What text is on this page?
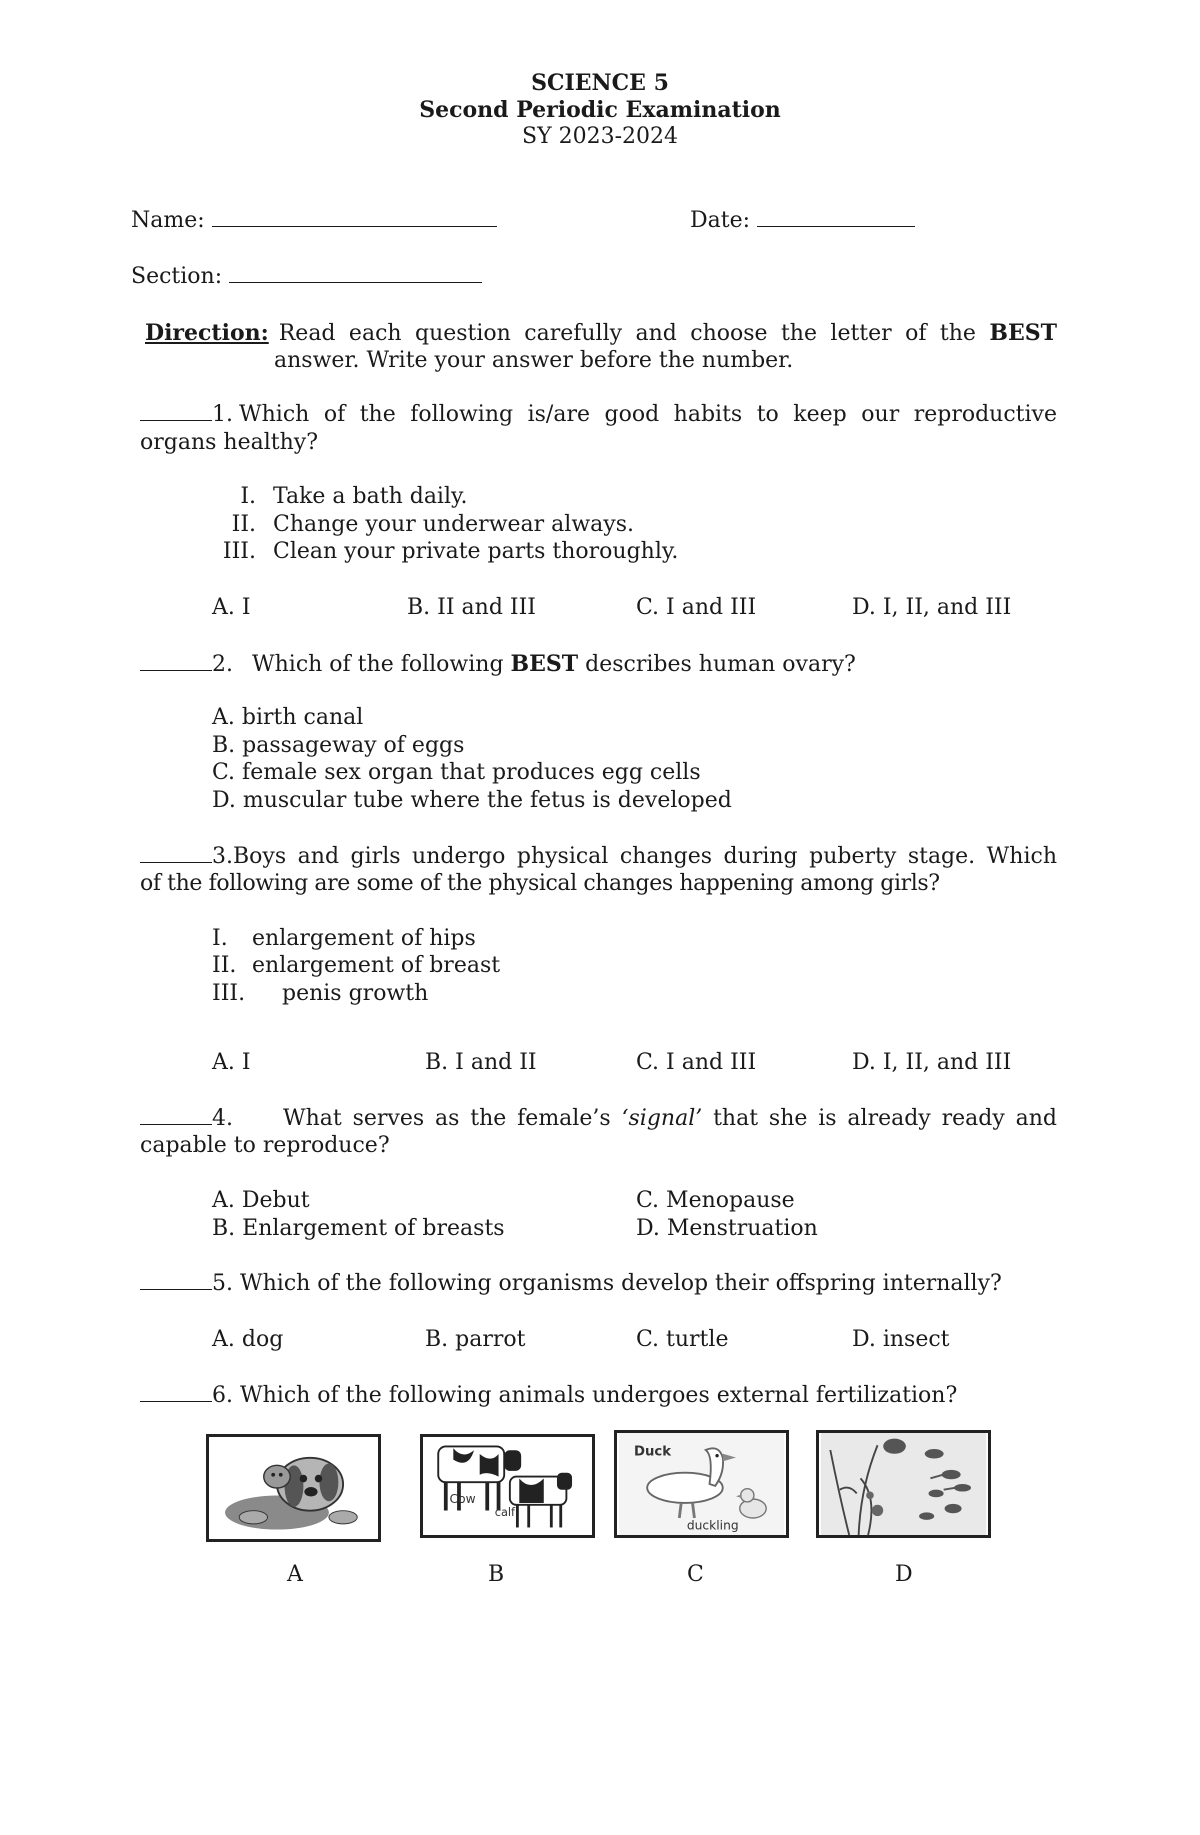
SCIENCE 5
Second Periodic Examination
SY 2023-2024
Name:	Date:
Section:
Direction: Read each question carefully and choose the letter of the BEST
answer. Write your answer before the number.
1. Which of the following is/are good habits to keep our reproductive
organs healthy?
I. Take a bath daily.
II. Change your underwear always.
III. Clean your private parts thoroughly.
A. I	B. II and III	C. I and III	D. I, II, and III
2. Which of the following BEST describes human ovary?
A. birth canal
B. passageway of eggs
C. female sex organ that produces egg cells
D. muscular tube where the fetus is developed
3. Boys and girls undergo physical changes during puberty stage. Which
of the following are some of the physical changes happening among girls?
I. enlargement of hips
II. enlargement of breast
III. penis growth
A. I	B. I and II	C. I and III	D. I, II, and III
4.	What serves as the female’s ‘signal’ that she is already ready and
capable to reproduce?
A. Debut
B. Enlargement of breasts
C. Menopause
D. Menstruation
5. Which of the following organisms develop their offspring internally?
A. dog	B. parrot	C. turtle	D. insect
6. Which of the following animals undergoes external fertilization?
Cow
calf
Duck
duckling
A	B	C	D
